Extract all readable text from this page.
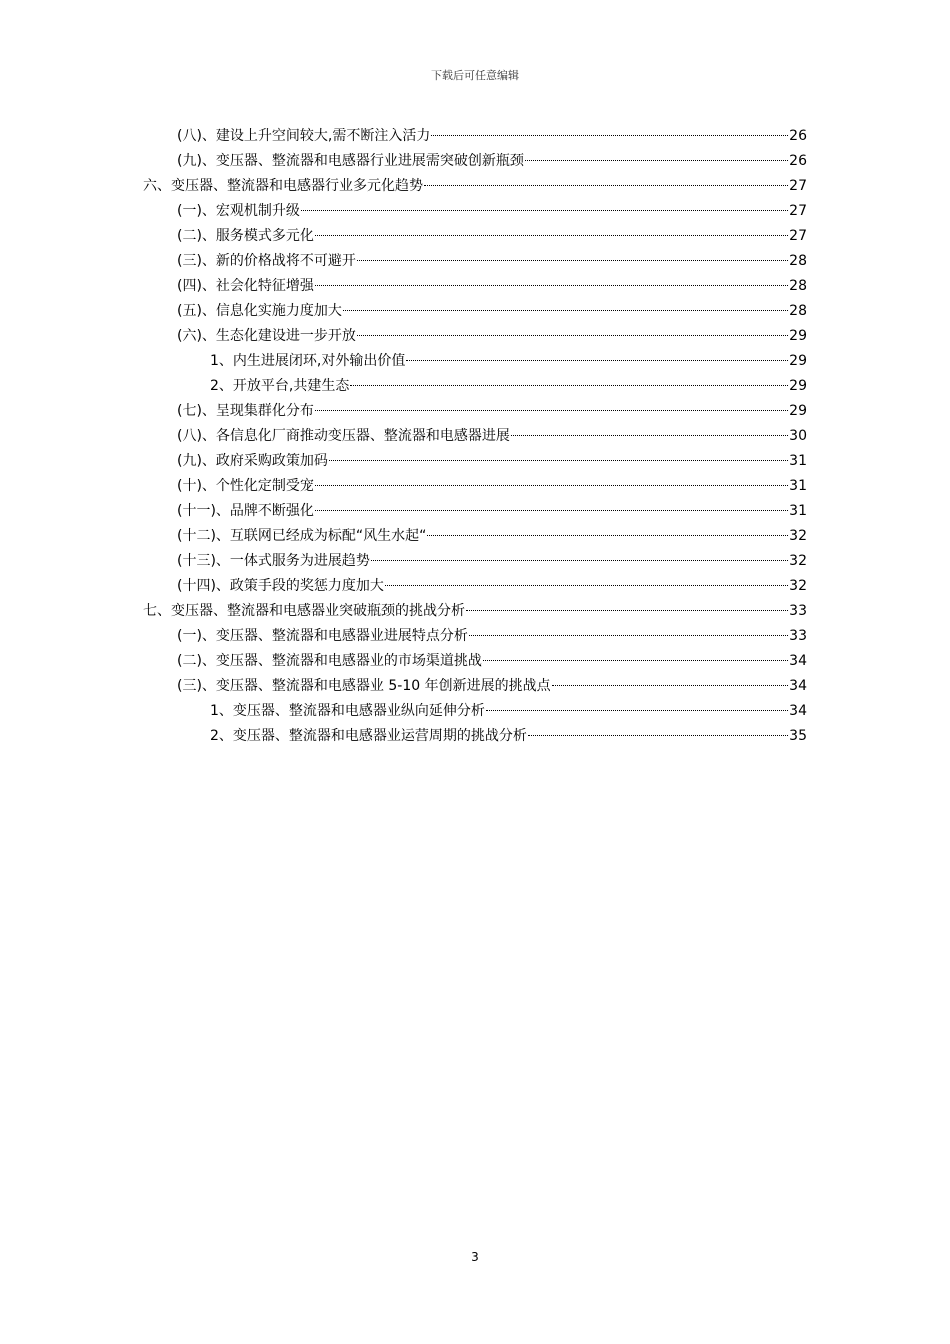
下载后可任意编辑
(八)、建设上升空间较大,需不断注入活力	26
(九)、变压器、整流器和电感器行业进展需突破创新瓶颈	26
六、变压器、整流器和电感器行业多元化趋势	27
(一)、宏观机制升级	27
(二)、服务模式多元化	27
(三)、新的价格战将不可避开	28
(四)、社会化特征增强	28
(五)、信息化实施力度加大	28
(六)、生态化建设进一步开放	29
1、内生进展闭环,对外输出价值	29
2、开放平台,共建生态	29
(七)、呈现集群化分布	29
(八)、各信息化厂商推动变压器、整流器和电感器进展	30
(九)、政府采购政策加码	31
(十)、个性化定制受宠	31
(十一)、品牌不断强化	31
(十二)、互联网已经成为标配“风生水起“	32
(十三)、一体式服务为进展趋势	32
(十四)、政策手段的奖惩力度加大	32
七、变压器、整流器和电感器业突破瓶颈的挑战分析	33
(一)、变压器、整流器和电感器业进展特点分析	33
(二)、变压器、整流器和电感器业的市场渠道挑战	34
(三)、变压器、整流器和电感器业 5-10 年创新进展的挑战点	34
1、变压器、整流器和电感器业纵向延伸分析	34
2、变压器、整流器和电感器业运营周期的挑战分析	35
3
